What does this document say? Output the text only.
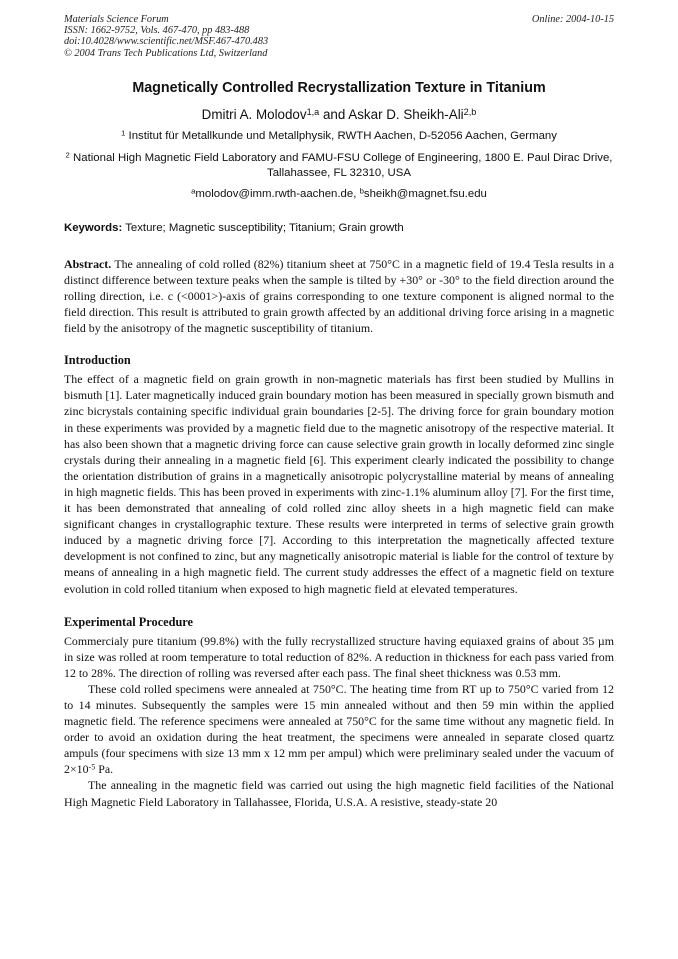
Materials Science Forum
ISSN: 1662-9752, Vols. 467-470, pp 483-488
doi:10.4028/www.scientific.net/MSF.467-470.483
© 2004 Trans Tech Publications Ltd, Switzerland
Online: 2004-10-15
Magnetically Controlled Recrystallization Texture in Titanium
Dmitri A. Molodov$^{1,a}$ and Askar D. Sheikh-Ali$^{2,b}$
$^1$ Institut für Metallkunde und Metallphysik, RWTH Aachen, D-52056 Aachen, Germany
$^2$ National High Magnetic Field Laboratory and FAMU-FSU College of Engineering, 1800 E. Paul Dirac Drive, Tallahassee, FL 32310, USA
$^a$molodov@imm.rwth-aachen.de, $^b$sheikh@magnet.fsu.edu
Keywords: Texture; Magnetic susceptibility; Titanium; Grain growth

Abstract. The annealing of cold rolled (82%) titanium sheet at 750°C in a magnetic field of 19.4 Tesla results in a distinct difference between texture peaks when the sample is tilted by +30° or -30° to the field direction around the rolling direction, i.e. c (<0001>)-axis of grains corresponding to one texture component is aligned normal to the field direction. This result is attributed to grain growth affected by an additional driving force arising in a magnetic field by the anisotropy of the magnetic susceptibility of titanium.

Introduction

The effect of a magnetic field on grain growth in non-magnetic materials has first been studied by Mullins in bismuth [1]. Later magnetically induced grain boundary motion has been measured in specially grown bismuth and zinc bicrystals containing specific individual grain boundaries [2-5]. The driving force for grain boundary motion in these experiments was provided by a magnetic field due to the magnetic anisotropy of the respective material. It has also been shown that a magnetic driving force can cause selective grain growth in locally deformed zinc single crystals during their annealing in a magnetic field [6]. This experiment clearly indicated the possibility to change the orientation distribution of grains in a magnetically anisotropic polycrystalline material by means of annealing in high magnetic fields. This has been proved in experiments with zinc-1.1% aluminum alloy [7]. For the first time, it has been demonstrated that annealing of cold rolled zinc alloy sheets in a high magnetic field can make significant changes in crystallographic texture. These results were interpreted in terms of selective grain growth induced by a magnetic driving force [7]. According to this interpretation the magnetically affected texture development is not confined to zinc, but any magnetically anisotropic material is liable for the control of texture by means of annealing in a high magnetic field. The current study addresses the effect of a magnetic field on texture evolution in cold rolled titanium when exposed to high magnetic field at elevated temperatures.

Experimental Procedure

Commercialy pure titanium (99.8%) with the fully recrystallized structure having equiaxed grains of about 35 µm in size was rolled at room temperature to total reduction of 82%. A reduction in thickness for each pass varied from 12 to 28%. The direction of rolling was reversed after each pass. The final sheet thickness was 0.53 mm.

These cold rolled specimens were annealed at 750°C. The heating time from RT up to 750°C varied from 12 to 14 minutes. Subsequently the samples were 15 min annealed without and then 59 min within the applied magnetic field. The reference specimens were annealed at 750°C for the same time without any magnetic field. In order to avoid an oxidation during the heat treatment, the specimens were annealed in separate closed quartz ampuls (four specimens with size 13 mm x 12 mm per ampul) which were preliminary sealed under the vacuum of $2\times 10^{-5}$ Pa.

The annealing in the magnetic field was carried out using the high magnetic field facilities of the National High Magnetic Field Laboratory in Tallahassee, Florida, U.S.A. A resistive, steady-state 20
